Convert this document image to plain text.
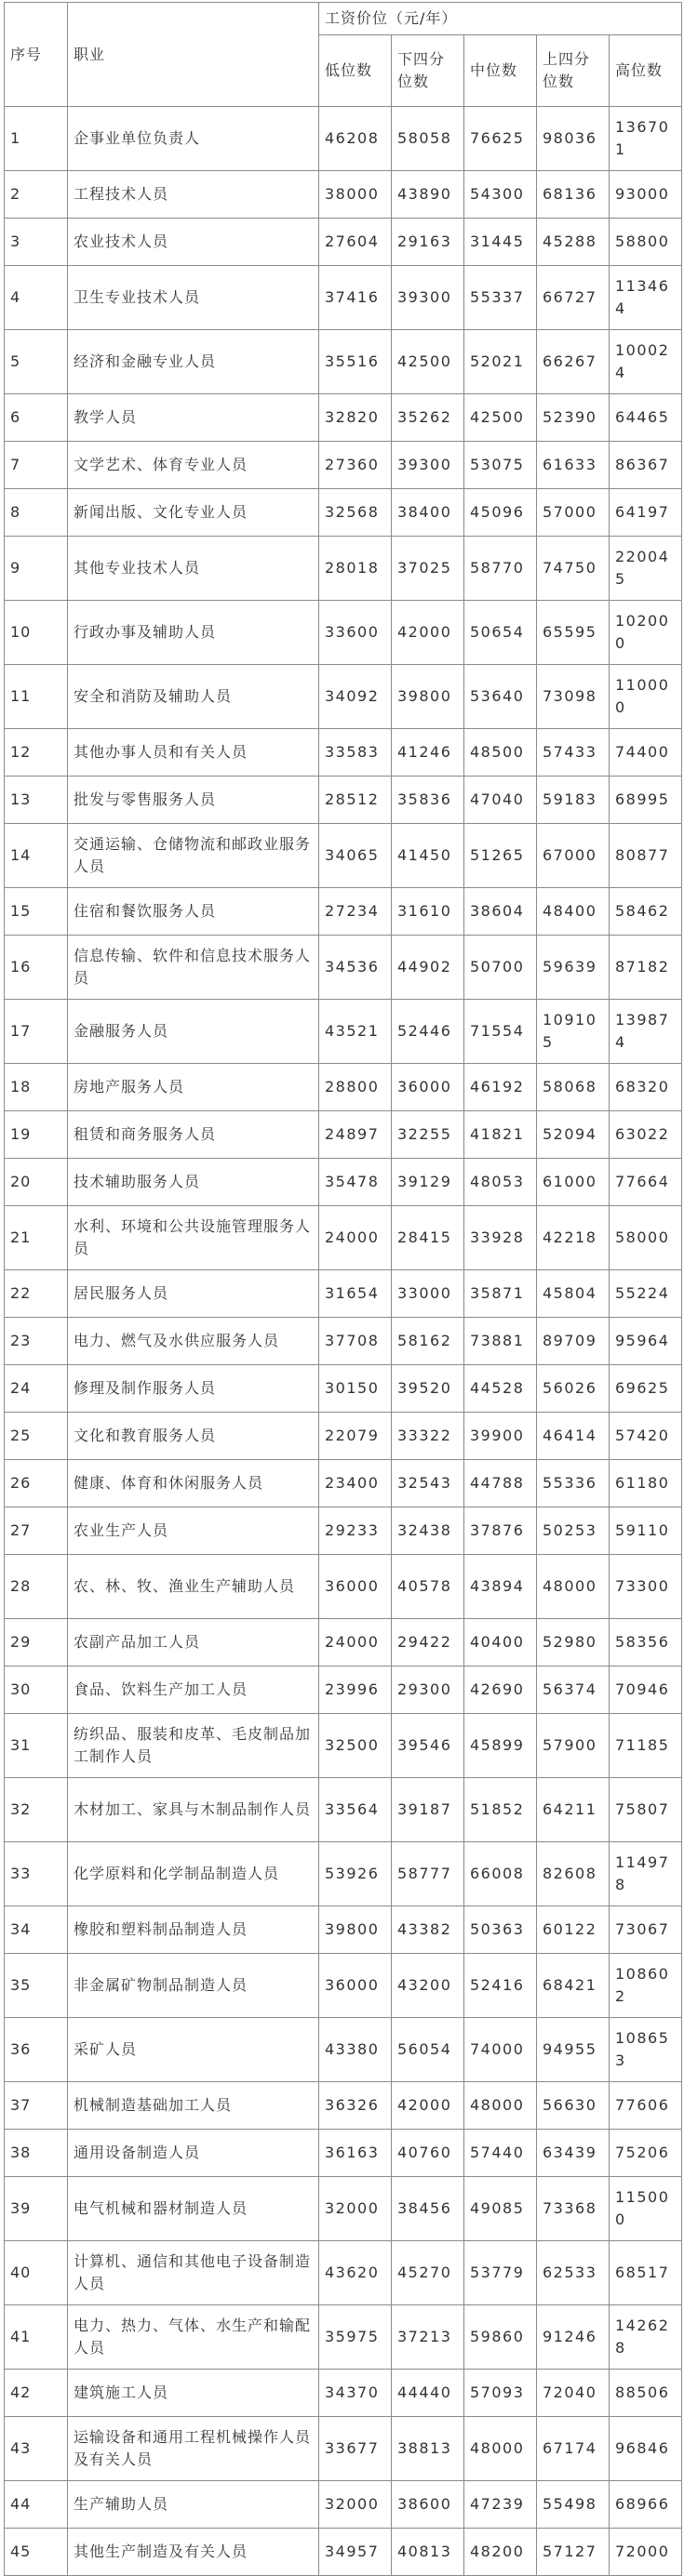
序号	职业	工资价位（元/年）				
		低位数	下四分位数	中位数	上四分位数	高位数
1	企事业单位负责人	46208	58058	76625	98036	136701
2	工程技术人员	38000	43890	54300	68136	93000
3	农业技术人员	27604	29163	31445	45288	58800
4	卫生专业技术人员	37416	39300	55337	66727	113464
5	经济和金融专业人员	35516	42500	52021	66267	100024
6	教学人员	32820	35262	42500	52390	64465
7	文学艺术、体育专业人员	27360	39300	53075	61633	86367
8	新闻出版、文化专业人员	32568	38400	45096	57000	64197
9	其他专业技术人员	28018	37025	58770	74750	220045
10	行政办事及辅助人员	33600	42000	50654	65595	102000
11	安全和消防及辅助人员	34092	39800	53640	73098	110000
12	其他办事人员和有关人员	33583	41246	48500	57433	74400
13	批发与零售服务人员	28512	35836	47040	59183	68995
14	交通运输、仓储物流和邮政业服务人员	34065	41450	51265	67000	80877
15	住宿和餐饮服务人员	27234	31610	38604	48400	58462
16	信息传输、软件和信息技术服务人员	34536	44902	50700	59639	87182
17	金融服务人员	43521	52446	71554	109105	139874
18	房地产服务人员	28800	36000	46192	58068	68320
19	租赁和商务服务人员	24897	32255	41821	52094	63022
20	技术辅助服务人员	35478	39129	48053	61000	77664
21	水利、环境和公共设施管理服务人员	24000	28415	33928	42218	58000
22	居民服务人员	31654	33000	35871	45804	55224
23	电力、燃气及水供应服务人员	37708	58162	73881	89709	95964
24	修理及制作服务人员	30150	39520	44528	56026	69625
25	文化和教育服务人员	22079	33322	39900	46414	57420
26	健康、体育和休闲服务人员	23400	32543	44788	55336	61180
27	农业生产人员	29233	32438	37876	50253	59110
28	农、林、牧、渔业生产辅助人员	36000	40578	43894	48000	73300
29	农副产品加工人员	24000	29422	40400	52980	58356
30	食品、饮料生产加工人员	23996	29300	42690	56374	70946
31	纺织品、服装和皮革、毛皮制品加工制作人员	32500	39546	45899	57900	71185
32	木材加工、家具与木制品制作人员	33564	39187	51852	64211	75807
33	化学原料和化学制品制造人员	53926	58777	66008	82608	114978
34	橡胶和塑料制品制造人员	39800	43382	50363	60122	73067
35	非金属矿物制品制造人员	36000	43200	52416	68421	108602
36	采矿人员	43380	56054	74000	94955	108653
37	机械制造基础加工人员	36326	42000	48000	56630	77606
38	通用设备制造人员	36163	40760	57440	63439	75206
39	电气机械和器材制造人员	32000	38456	49085	73368	115000
40	计算机、通信和其他电子设备制造人员	43620	45270	53779	62533	68517
41	电力、热力、气体、水生产和输配人员	35975	37213	59860	91246	142628
42	建筑施工人员	34370	44440	57093	72040	88506
43	运输设备和通用工程机械操作人员及有关人员	33677	38813	48000	67174	96846
44	生产辅助人员	32000	38600	47239	55498	68966
45	其他生产制造及有关人员	34957	40813	48200	57127	72000
